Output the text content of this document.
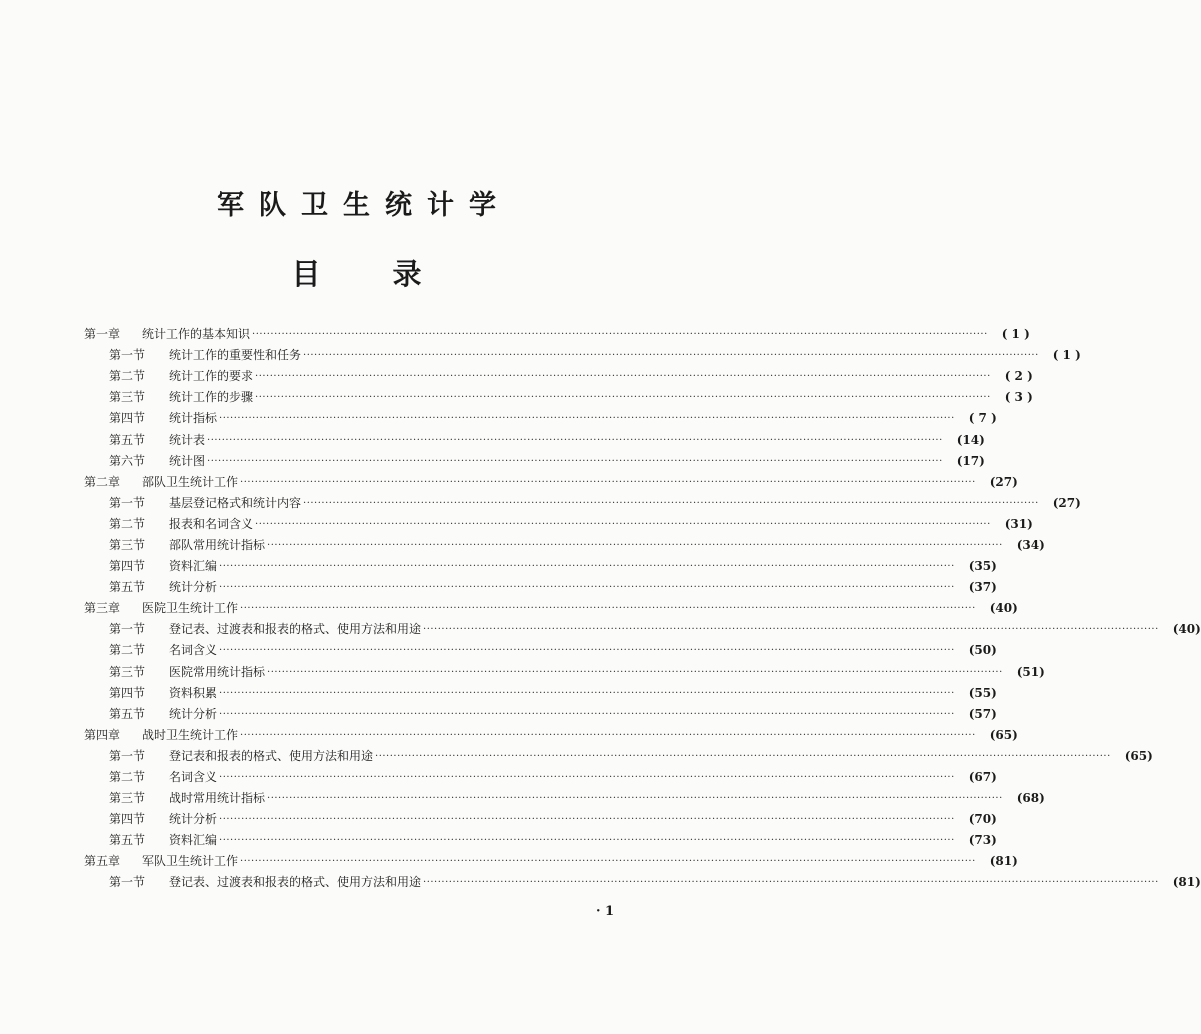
军队卫生统计学
目 录
第一章	统计工作的基本知识 ········································································································································································································	( 1 )
第一节	统计工作的重要性和任务 ········································································································································································································	( 1 )
第二节	统计工作的要求 ········································································································································································································	( 2 )
第三节	统计工作的步骤 ········································································································································································································	( 3 )
第四节	统计指标 ········································································································································································································	( 7 )
第五节	统计表 ········································································································································································································	(14)
第六节	统计图 ········································································································································································································	(17)
第二章	部队卫生统计工作 ········································································································································································································	(27)
第一节	基层登记格式和统计内容 ········································································································································································································	(27)
第二节	报表和名词含义 ········································································································································································································	(31)
第三节	部队常用统计指标 ········································································································································································································	(34)
第四节	资料汇编 ········································································································································································································	(35)
第五节	统计分析 ········································································································································································································	(37)
第三章	医院卫生统计工作 ········································································································································································································	(40)
第一节	登记表、过渡表和报表的格式、使用方法和用途 ········································································································································································································	(40)
第二节	名词含义 ········································································································································································································	(50)
第三节	医院常用统计指标 ········································································································································································································	(51)
第四节	资料积累 ········································································································································································································	(55)
第五节	统计分析 ········································································································································································································	(57)
第四章	战时卫生统计工作 ········································································································································································································	(65)
第一节	登记表和报表的格式、使用方法和用途 ········································································································································································································	(65)
第二节	名词含义 ········································································································································································································	(67)
第三节	战时常用统计指标 ········································································································································································································	(68)
第四节	统计分析 ········································································································································································································	(70)
第五节	资料汇编 ········································································································································································································	(73)
第五章	军队卫生统计工作 ········································································································································································································	(81)
第一节	登记表、过渡表和报表的格式、使用方法和用途 ········································································································································································································	(81)
· 1
